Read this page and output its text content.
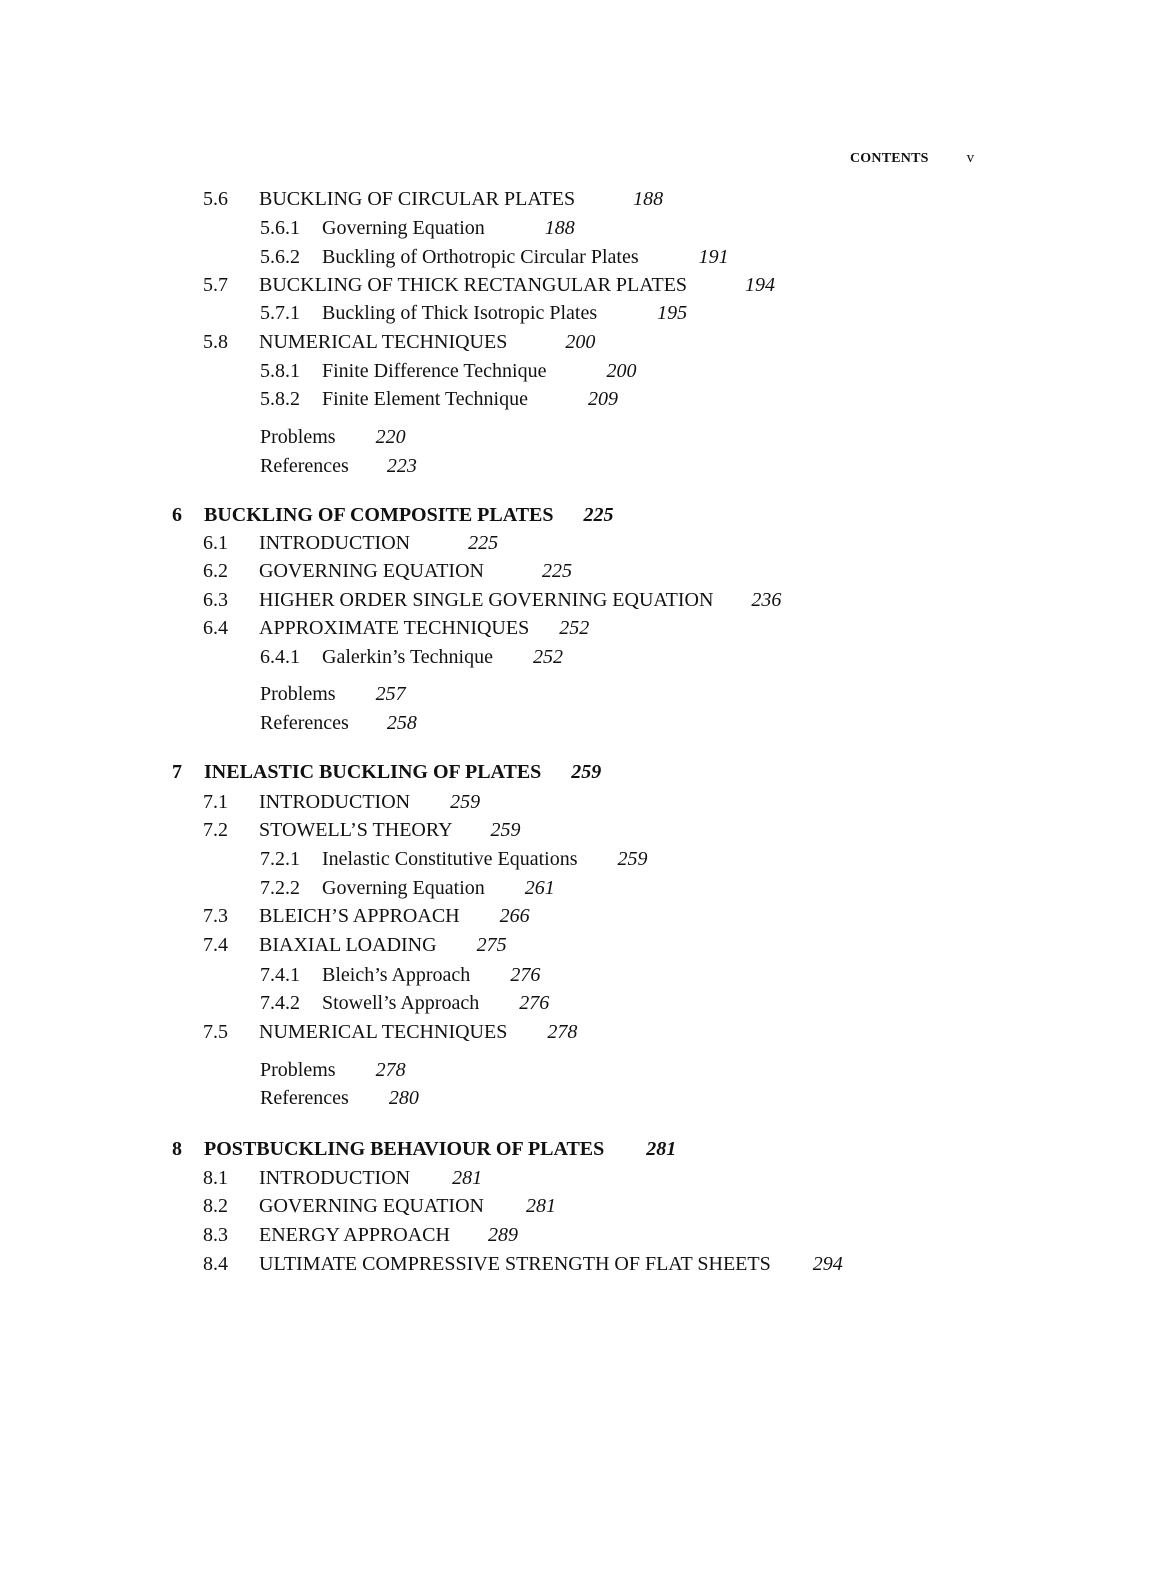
CONTENTS	v
5.6 BUCKLING OF CIRCULAR PLATES	188
5.6.1 Governing Equation	188
5.6.2 Buckling of Orthotropic Circular Plates	191
5.7 BUCKLING OF THICK RECTANGULAR PLATES	194
5.7.1 Buckling of Thick Isotropic Plates	195
5.8 NUMERICAL TECHNIQUES	200
5.8.1 Finite Difference Technique	200
5.8.2 Finite Element Technique	209
Problems 220
References 223
6 BUCKLING OF COMPOSITE PLATES 225
6.1 INTRODUCTION	225
6.2 GOVERNING EQUATION	225
6.3 HIGHER ORDER SINGLE GOVERNING EQUATION 236
6.4 APPROXIMATE TECHNIQUES 252
6.4.1 Galerkin’s Technique 252
Problems 257
References 258
7 INELASTIC BUCKLING OF PLATES 259
7.1 INTRODUCTION 259
7.2 STOWELL’S THEORY 259
7.2.1 Inelastic Constitutive Equations 259
7.2.2 Governing Equation 261
7.3 BLEICH’S APPROACH 266
7.4 BIAXIAL LOADING 275
7.4.1 Bleich’s Approach 276
7.4.2 Stowell’s Approach 276
7.5 NUMERICAL TECHNIQUES 278
Problems 278
References 280
8 POSTBUCKLING BEHAVIOUR OF PLATES 281
8.1 INTRODUCTION 281
8.2 GOVERNING EQUATION 281
8.3 ENERGY APPROACH 289
8.4 ULTIMATE COMPRESSIVE STRENGTH OF FLAT SHEETS 294
